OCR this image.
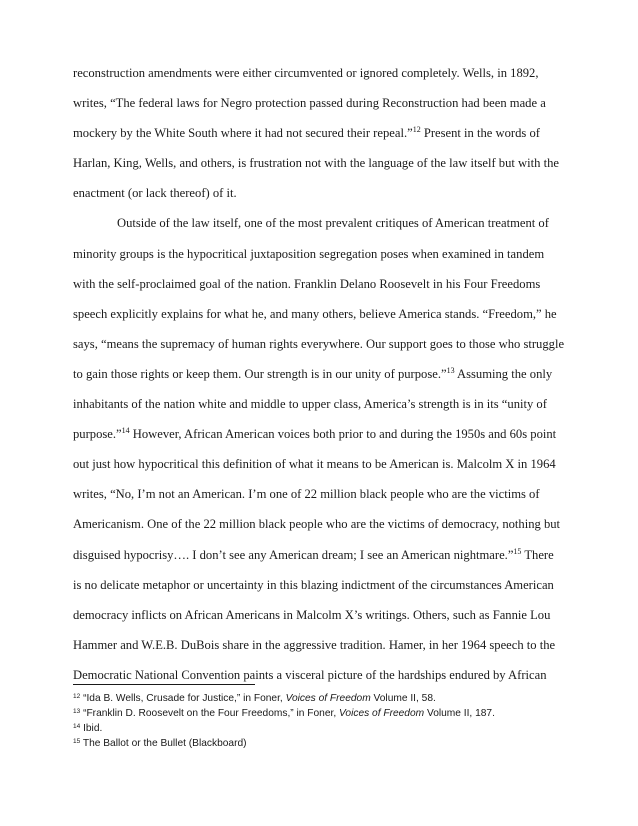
reconstruction amendments were either circumvented or ignored completely. Wells, in 1892,
writes, “The federal laws for Negro protection passed during Reconstruction had been made a
mockery by the White South where it had not secured their repeal.”$^{12}$ Present in the words of
Harlan, King, Wells, and others, is frustration not with the language of the law itself but with the
enactment (or lack thereof) of it.
Outside of the law itself, one of the most prevalent critiques of American treatment of
minority groups is the hypocritical juxtaposition segregation poses when examined in tandem
with the self-proclaimed goal of the nation. Franklin Delano Roosevelt in his Four Freedoms
speech explicitly explains for what he, and many others, believe America stands. “Freedom,” he
says, “means the supremacy of human rights everywhere. Our support goes to those who struggle
to gain those rights or keep them. Our strength is in our unity of purpose.”$^{13}$ Assuming the only
inhabitants of the nation white and middle to upper class, America’s strength is in its “unity of
purpose.”$^{14}$ However, African American voices both prior to and during the 1950s and 60s point
out just how hypocritical this definition of what it means to be American is. Malcolm X in 1964
writes, “No, I’m not an American. I’m one of 22 million black people who are the victims of
Americanism. One of the 22 million black people who are the victims of democracy, nothing but
disguised hypocrisy…. I don’t see any American dream; I see an American nightmare.”$^{15}$ There
is no delicate metaphor or uncertainty in this blazing indictment of the circumstances American
democracy inflicts on African Americans in Malcolm X’s writings. Others, such as Fannie Lou
Hammer and W.E.B. DuBois share in the aggressive tradition. Hamer, in her 1964 speech to the
Democratic National Convention paints a visceral picture of the hardships endured by African
$^{12}$ “Ida B. Wells, Crusade for Justice,” in Foner, Voices of Freedom Volume II, 58.
$^{13}$ “Franklin D. Roosevelt on the Four Freedoms,” in Foner, Voices of Freedom Volume II, 187.
$^{14}$ Ibid.
$^{15}$ The Ballot or the Bullet (Blackboard)
